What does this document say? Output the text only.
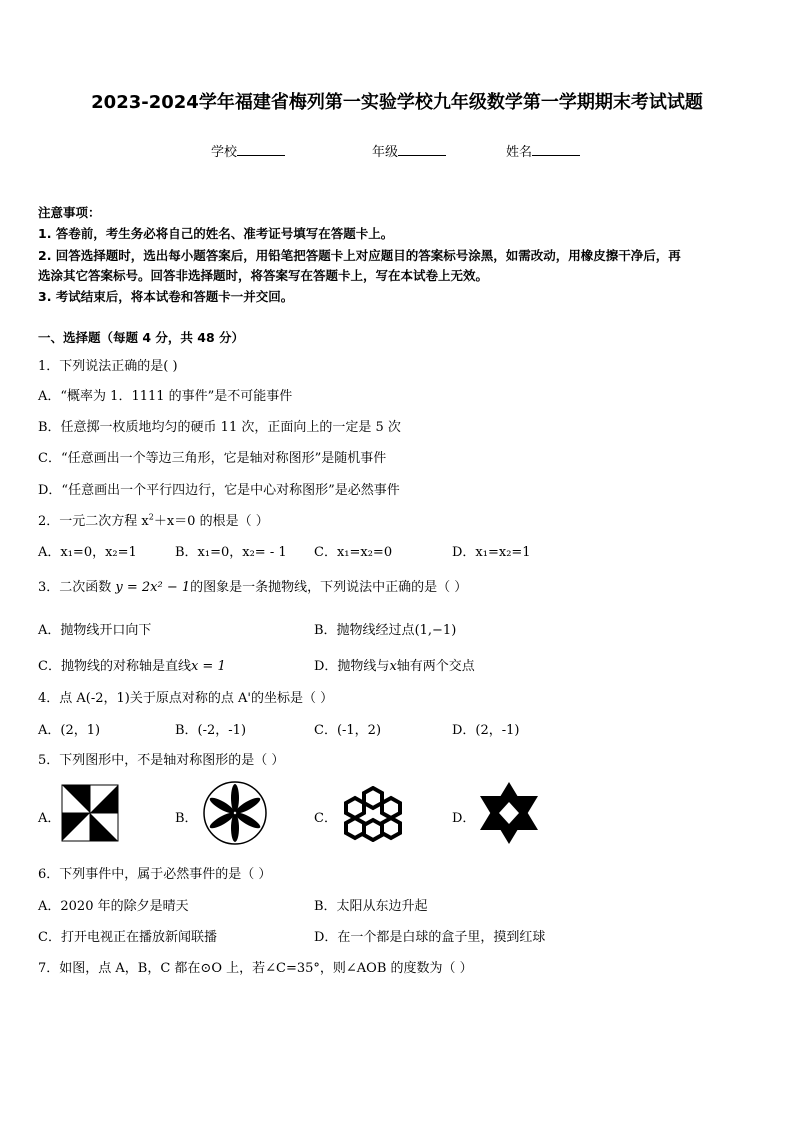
2023-2024学年福建省梅列第一实验学校九年级数学第一学期期末考试试题
学校	年级	姓名
注意事项：
1. 答卷前，考生务必将自己的姓名、准考证号填写在答题卡上。
2. 回答选择题时，选出每小题答案后，用铅笔把答题卡上对应题目的答案标号涂黑，如需改动，用橡皮擦干净后，再
选涂其它答案标号。回答非选择题时，将答案写在答题卡上，写在本试卷上无效。
3. 考试结束后，将本试卷和答题卡一并交回。
一、选择题（每题 4 分，共 48 分）
1．下列说法正确的是( )
A．“概率为 1．1111 的事件”是不可能事件
B．任意掷一枚质地均匀的硬币 11 次，正面向上的一定是 5 次
C．“任意画出一个等边三角形，它是轴对称图形”是随机事件
D．“任意画出一个平行四边行，它是中心对称图形”是必然事件
2．一元二次方程 $x^2+x=0$ 的根是（ ）
A．x₁=0，x₂=1	B．x₁=0，x₂= - 1 C．x₁=x₂=0	D．x₁=x₂=1
3．二次函数 y = 2x² − 1的图象是一条抛物线，下列说法中正确的是（ ）
A．抛物线开口向下	B．抛物线经过点(1,−1)
C．抛物线的对称轴是直线x = 1	D．抛物线与x轴有两个交点
4．点 A(-2，1)关于原点对称的点 A'的坐标是（ ）
A．(2，1)	B．(-2，-1)	C．(-1，2)	D．(2，-1)
5．下列图形中，不是轴对称图形的是（ ）
A．	B．	C．	D．
6．下列事件中，属于必然事件的是（ ）
A．2020 年的除夕是晴天	B．太阳从东边升起
C．打开电视正在播放新闻联播	D．在一个都是白球的盒子里，摸到红球
7．如图，点 A，B，C 都在⊙O 上，若∠C=35°，则∠AOB 的度数为（ ）
